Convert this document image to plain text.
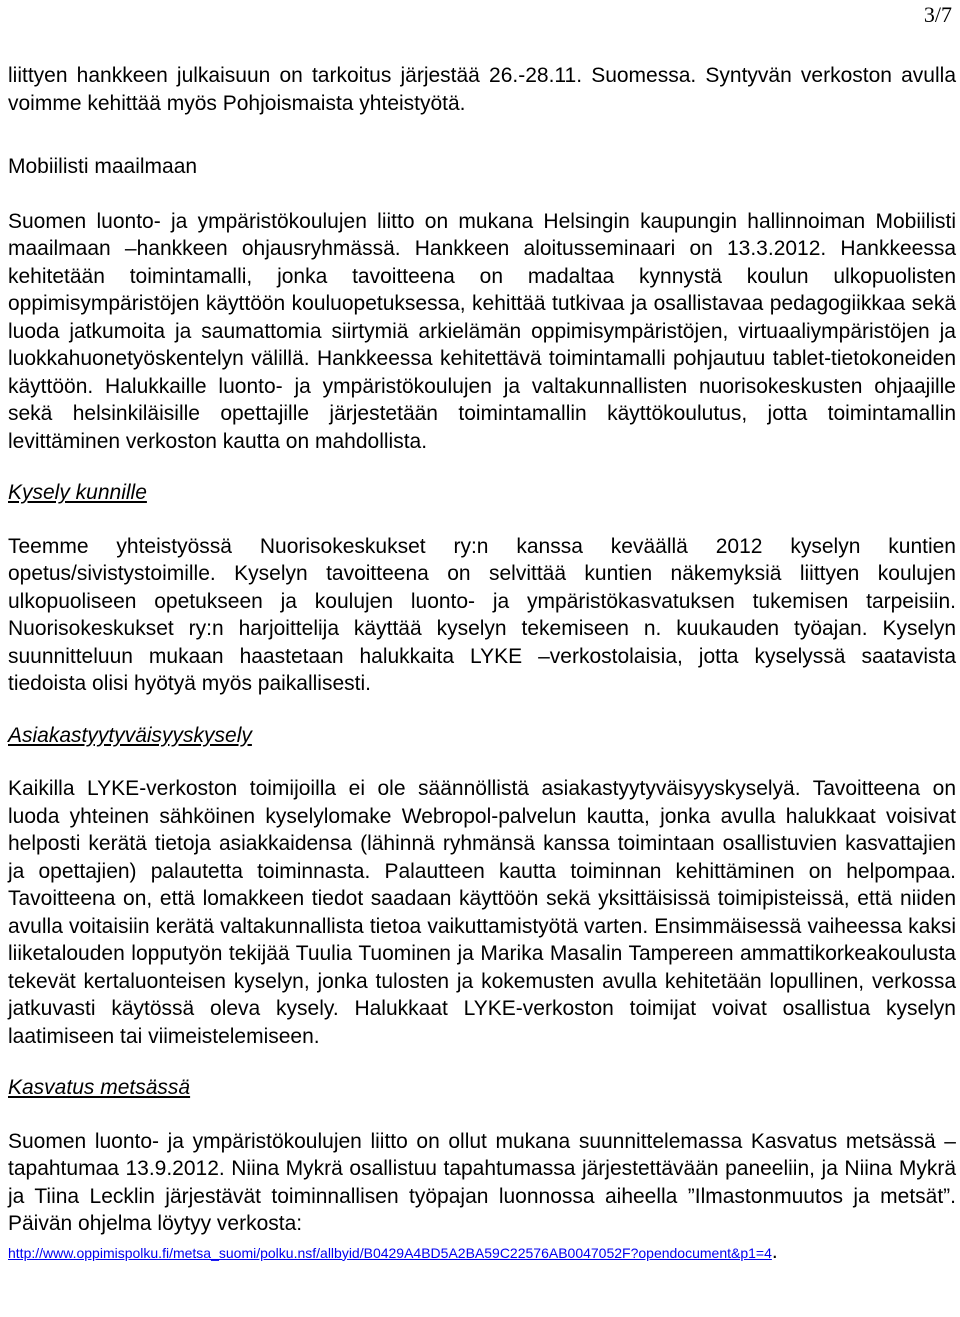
3/7

liittyen hankkeen julkaisuun on tarkoitus järjestää 26.-28.11. Suomessa. Syntyvän verkoston avulla voimme kehittää myös Pohjoismaista yhteistyötä.

Mobiilisti maailmaan

Suomen luonto- ja ympäristökoulujen liitto on mukana Helsingin kaupungin hallinnoiman Mobiilisti maailmaan –hankkeen ohjausryhmässä. Hankkeen aloitusseminaari on 13.3.2012. Hankkeessa kehitetään toimintamalli, jonka tavoitteena on madaltaa kynnystä koulun ulkopuolisten oppimisympäristöjen käyttöön kouluopetuksessa, kehittää tutkivaa ja osallistavaa pedagogiikkaa sekä luoda jatkumoita ja saumattomia siirtymiä arkielämän oppimisympäristöjen, virtuaaliympäristöjen ja luokkahuonetyöskentelyn välillä. Hankkeessa kehitettävä toimintamalli pohjautuu tablet-tietokoneiden käyttöön. Halukkaille luonto- ja ympäristökoulujen ja valtakunnallisten nuorisokeskusten ohjaajille sekä helsinkiläisille opettajille järjestetään toimintamallin käyttökoulutus, jotta toimintamallin levittäminen verkoston kautta on mahdollista.

Kysely kunnille

Teemme yhteistyössä Nuorisokeskukset ry:n kanssa keväällä 2012 kyselyn kuntien opetus/sivistystoimille. Kyselyn tavoitteena on selvittää kuntien näkemyksiä liittyen koulujen ulkopuoliseen opetukseen ja koulujen luonto- ja ympäristökasvatuksen tukemisen tarpeisiin. Nuorisokeskukset ry:n harjoittelija käyttää kyselyn tekemiseen n. kuukauden työajan. Kyselyn suunnitteluun mukaan haastetaan halukkaita LYKE –verkostolaisia, jotta kyselyssä saatavista tiedoista olisi hyötyä myös paikallisesti.

Asiakastyytyväisyyskysely

Kaikilla LYKE-verkoston toimijoilla ei ole säännöllistä asiakastyytyväisyyskyselyä. Tavoitteena on luoda yhteinen sähköinen kyselylomake Webropol-palvelun kautta, jonka avulla halukkaat voisivat helposti kerätä tietoja asiakkaidensa (lähinnä ryhmänsä kanssa toimintaan osallistuvien kasvattajien ja opettajien) palautetta toiminnasta. Palautteen kautta toiminnan kehittäminen on helpompaa. Tavoitteena on, että lomakkeen tiedot saadaan käyttöön sekä yksittäisissä toimipisteissä, että niiden avulla voitaisiin kerätä valtakunnallista tietoa vaikuttamistyötä varten. Ensimmäisessä vaiheessa kaksi liiketalouden lopputyön tekijää Tuulia Tuominen ja Marika Masalin Tampereen ammattikorkeakoulusta tekevät kertaluonteisen kyselyn, jonka tulosten ja kokemusten avulla kehitetään lopullinen, verkossa jatkuvasti käytössä oleva kysely. Halukkaat LYKE-verkoston toimijat voivat osallistua kyselyn laatimiseen tai viimeistelemiseen.

Kasvatus metsässä

Suomen luonto- ja ympäristökoulujen liitto on ollut mukana suunnittelemassa Kasvatus metsässä –tapahtumaa 13.9.2012. Niina Mykrä osallistuu tapahtumassa järjestettävään paneeliin, ja Niina Mykrä ja Tiina Lecklin järjestävät toiminnallisen työpajan luonnossa aiheella ”Ilmastonmuutos ja metsät”. Päivän ohjelma löytyy verkosta:
http://www.oppimispolku.fi/metsa_suomi/polku.nsf/allbyid/B0429A4BD5A2BA59C22576AB0047052F?opendocument&p1=4.
